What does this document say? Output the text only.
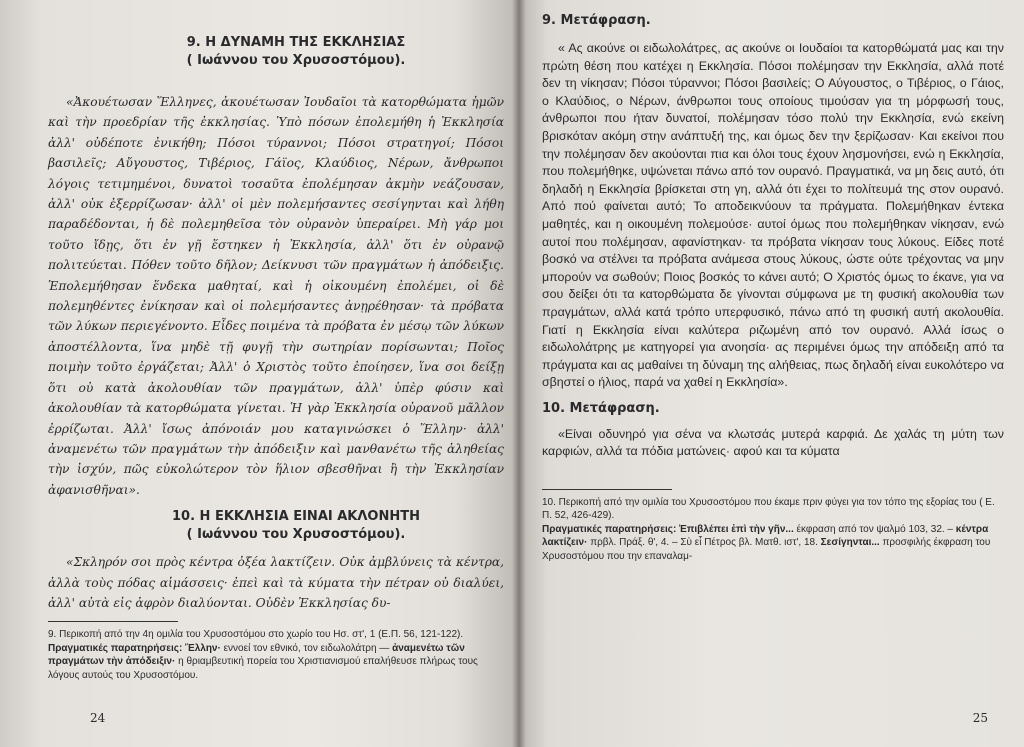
9. Η ΔΥΝΑΜΗ ΤΗΣ ΕΚΚΛΗΣΙΑΣ
( Ιωάννου του Χρυσοστόμου).

«Ἀκουέτωσαν Ἕλληνες, ἀκουέτωσαν Ἰουδαῖοι τὰ κατορθώματα ἡμῶν καὶ τὴν προεδρίαν τῆς ἐκκλησίας. Ὑπὸ πόσων ἐπολεμήθη ἡ Ἐκκλησία ἀλλ' οὐδέποτε ἐνικήθη; Πόσοι τύραννοι; Πόσοι στρατηγοί; Πόσοι βασιλεῖς; Αὔγουστος, Τιβέριος, Γάϊος, Κλαύδιος, Νέρων, ἄνθρωποι λόγοις τετιμημένοι, δυνατοὶ τοσαῦτα ἐπολέμησαν ἀκμὴν νεάζουσαν, ἀλλ' οὐκ ἐξερρίζωσαν· ἀλλ' οἱ μὲν πολεμήσαντες σεσίγηνται καὶ λήθη παραδέδονται, ἡ δὲ πολεμηθεῖσα τὸν οὐρανὸν ὑπεραίρει. Μὴ γάρ μοι τοῦτο ἴδῃς, ὅτι ἐν γῇ ἕστηκεν ἡ Ἐκκλησία, ἀλλ' ὅτι ἐν οὐρανῷ πολιτεύεται. Πόθεν τοῦτο δῆλον; Δείκνυσι τῶν πραγμάτων ἡ ἀπόδειξις. Ἐπολεμήθησαν ἕνδεκα μαθηταί, καὶ ἡ οἰκουμένη ἐπολέμει, οἱ δὲ πολεμηθέντες ἐνίκησαν καὶ οἱ πολεμήσαντες ἀνῃρέθησαν· τὰ πρόβατα τῶν λύκων περιεγένοντο. Εἶδες ποιμένα τὰ πρόβατα ἐν μέσῳ τῶν λύκων ἀποστέλλοντα, ἵνα μηδὲ τῇ φυγῇ τὴν σωτηρίαν πορίσωνται; Ποῖος ποιμὴν τοῦτο ἐργάζεται; Ἀλλ' ὁ Χριστὸς τοῦτο ἐποίησεν, ἵνα σοι δείξῃ ὅτι οὐ κατὰ ἀκολουθίαν τῶν πραγμάτων, ἀλλ' ὑπὲρ φύσιν καὶ ἀκολουθίαν τὰ κατορθώματα γίνεται. Ἡ γὰρ Ἐκκλησία οὐρανοῦ μᾶλλον ἐρρίζωται. Ἀλλ' ἴσως ἀπόνοιάν μου καταγινώσκει ὁ Ἕλλην· ἀλλ' ἀναμενέτω τῶν πραγμάτων τὴν ἀπόδειξιν καὶ μανθανέτω τῆς ἀληθείας τὴν ἰσχύν, πῶς εὐκολώτερον τὸν ἥλιον σβεσθῆναι ἢ τὴν Ἐκκλησίαν ἀφανισθῆναι».

10. Η ΕΚΚΛΗΣΙΑ ΕΙΝΑΙ ΑΚΛΟΝΗΤΗ
( Ιωάννου του Χρυσοστόμου).

«Σκληρόν σοι πρὸς κέντρα ὀξέα λακτίζειν. Οὐκ ἀμβλύνεις τὰ κέντρα, ἀλλὰ τοὺς πόδας αἱμάσσεις· ἐπεὶ καὶ τὰ κύματα τὴν πέτραν οὐ διαλύει, ἀλλ' αὐτὰ εἰς ἀφρὸν διαλύονται. Οὐδὲν Ἐκκλησίας δυ-

9. Περικοπή από την 4η ομιλία του Χρυσοστόμου στο χωρίο του Ησ. στ', 1 (Ε.Π. 56, 121-122).

Πραγματικές παρατηρήσεις: Ἕλλην· εννοεί τον εθνικό, τον ειδωλολάτρη — ἀναμενέτω τῶν πραγμάτων τὴν ἀπόδειξιν· η θριαμβευτική πορεία του Χριστιανισμού επαλήθευσε πλήρως τους λόγους αυτούς του Χρυσοστόμου.

24
9. Μετάφραση.

« Ας ακούνε οι ειδωλολάτρες, ας ακούνε οι Ιουδαίοι τα κατορθώματά μας και την πρώτη θέση που κατέχει η Εκκλησία. Πόσοι πολέμησαν την Εκκλησία, αλλά ποτέ δεν τη νίκησαν; Πόσοι τύραννοι; Πόσοι βασιλείς; Ο Αύγουστος, ο Τιβέριος, ο Γάιος, ο Κλαύδιος, ο Νέρων, άνθρωποι τους οποίους τιμούσαν για τη μόρφωσή τους, άνθρωποι που ήταν δυνατοί, πολέμησαν τόσο πολύ την Εκκλησία, ενώ εκείνη βρισκόταν ακόμη στην ανάπτυξή της, και όμως δεν την ξερίζωσαν· Και εκείνοι που την πολέμησαν δεν ακούονται πια και όλοι τους έχουν λησμονήσει, ενώ η Εκκλησία, που πολεμήθηκε, υψώνεται πάνω από τον ουρανό. Πραγματικά, να μη δεις αυτό, ότι δηλαδή η Εκκλησία βρίσκεται στη γη, αλλά ότι έχει το πολίτευμά της στον ουρανό. Από πού φαίνεται αυτό; Το αποδεικνύουν τα πράγματα. Πολεμήθηκαν έντεκα μαθητές, και η οικουμένη πολεμούσε· αυτοί όμως που πολεμήθηκαν νίκησαν, ενώ αυτοί που πολέμησαν, αφανίστηκαν· τα πρόβατα νίκησαν τους λύκους. Είδες ποτέ βοσκό να στέλνει τα πρόβατα ανάμεσα στους λύκους, ώστε ούτε τρέχοντας να μην μπορούν να σωθούν; Ποιος βοσκός το κάνει αυτό; Ο Χριστός όμως το έκανε, για να σου δείξει ότι τα κατορθώματα δε γίνονται σύμφωνα με τη φυσική ακολουθία των πραγμάτων, αλλά κατά τρόπο υπερφυσικό, πάνω από τη φυσική αυτή ακολουθία. Γιατί η Εκκλησία είναι καλύτερα ριζωμένη από τον ουρανό. Αλλά ίσως ο ειδωλολάτρης με κατηγορεί για ανοησία· ας περιμένει όμως την απόδειξη από τα πράγματα και ας μαθαίνει τη δύναμη της αλήθειας, πως δηλαδή είναι ευκολότερο να σβηστεί ο ήλιος, παρά να χαθεί η Εκκλησία».

10. Μετάφραση.

«Είναι οδυνηρό για σένα να κλωτσάς μυτερά καρφιά. Δε χαλάς τη μύτη των καρφιών, αλλά τα πόδια ματώνεις· αφού και τα κύματα

10. Περικοπή από την ομιλία του Χρυσοστόμου που έκαμε πριν φύγει για τον τόπο της εξορίας του ( Ε. Π. 52, 426-429).

Πραγματικές παρατηρήσεις: Ἐπιβλέπει ἐπὶ τὴν γῆν... έκφραση από τον ψαλμό 103, 32. – κέντρα λακτίζειν· πρβλ. Πράξ. θ', 4. – Σὺ εἶ Πέτρος βλ. Ματθ. ιστ', 18. Σεσίγηνται... προσφιλής έκφραση του Χρυσοστόμου που την επαναλαμ-

25
